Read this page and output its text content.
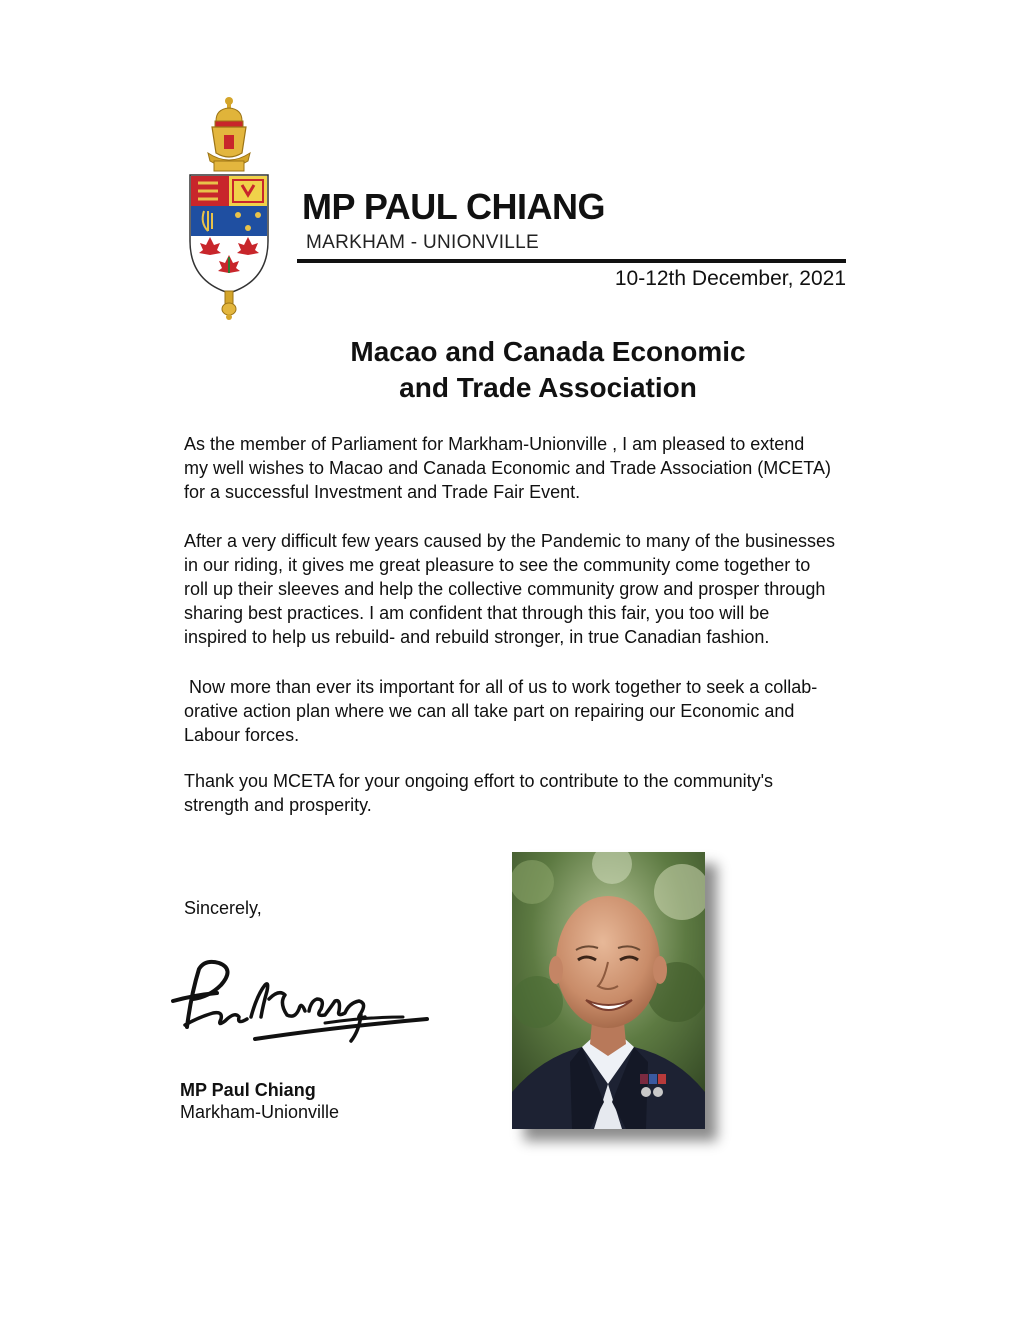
MP PAUL CHIANG
MARKHAM - UNIONVILLE
10-12th December, 2021
Macao and Canada Economic
and Trade Association
As the member of Parliament for Markham-Unionville , I am pleased to extend
my well wishes to Macao and Canada Economic and Trade Association (MCETA)
for a successful Investment and Trade Fair Event.
After a very difficult few years caused by the Pandemic to many of the businesses
in our riding, it gives me great pleasure to see the community come together to
roll up their sleeves and help the collective community grow and prosper through
sharing best practices. I am confident that through this fair, you too will be
inspired to help us rebuild- and rebuild stronger, in true Canadian fashion.
Now more than ever its important for all of us to work together to seek a collab-
orative action plan where we can all take part on repairing our Economic and
Labour forces.
Thank you MCETA for your ongoing effort to contribute to the community's
strength and prosperity.
Sincerely,
MP Paul Chiang
Markham-Unionville
